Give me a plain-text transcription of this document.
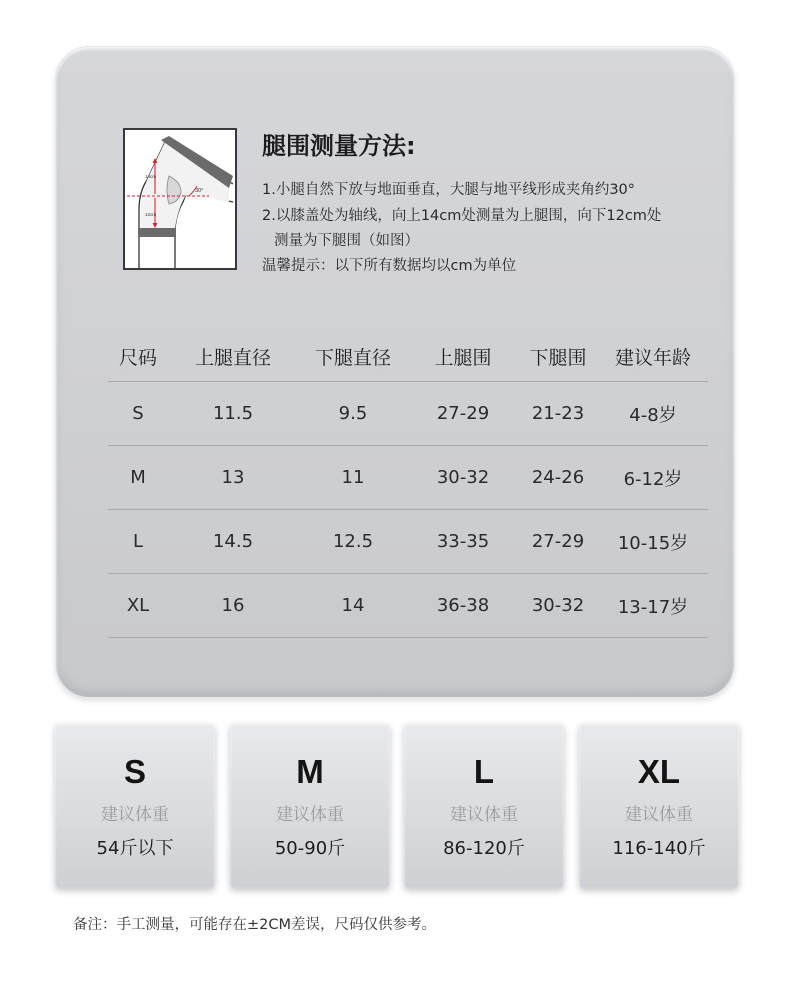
30°
14cm
12cm
腿围测量方法:
1.小腿自然下放与地面垂直，大腿与地平线形成夹角约30°
2.以膝盖处为轴线，向上14cm处测量为上腿围，向下12cm处
测量为下腿围（如图）
温馨提示：以下所有数据均以cm为单位
尺码	上腿直径	下腿直径	上腿围	下腿围	建议年龄
S	11.5	9.5	27-29	21-23	4-8岁
M	13	11	30-32	24-26	6-12岁
L	14.5	12.5	33-35	27-29	10-15岁
XL	16	14	36-38	30-32	13-17岁
S
建议体重
54斤以下
M
建议体重
50-90斤
L
建议体重
86-120斤
XL
建议体重
116-140斤
备注：手工测量，可能存在±2CM差误，尺码仅供参考。
